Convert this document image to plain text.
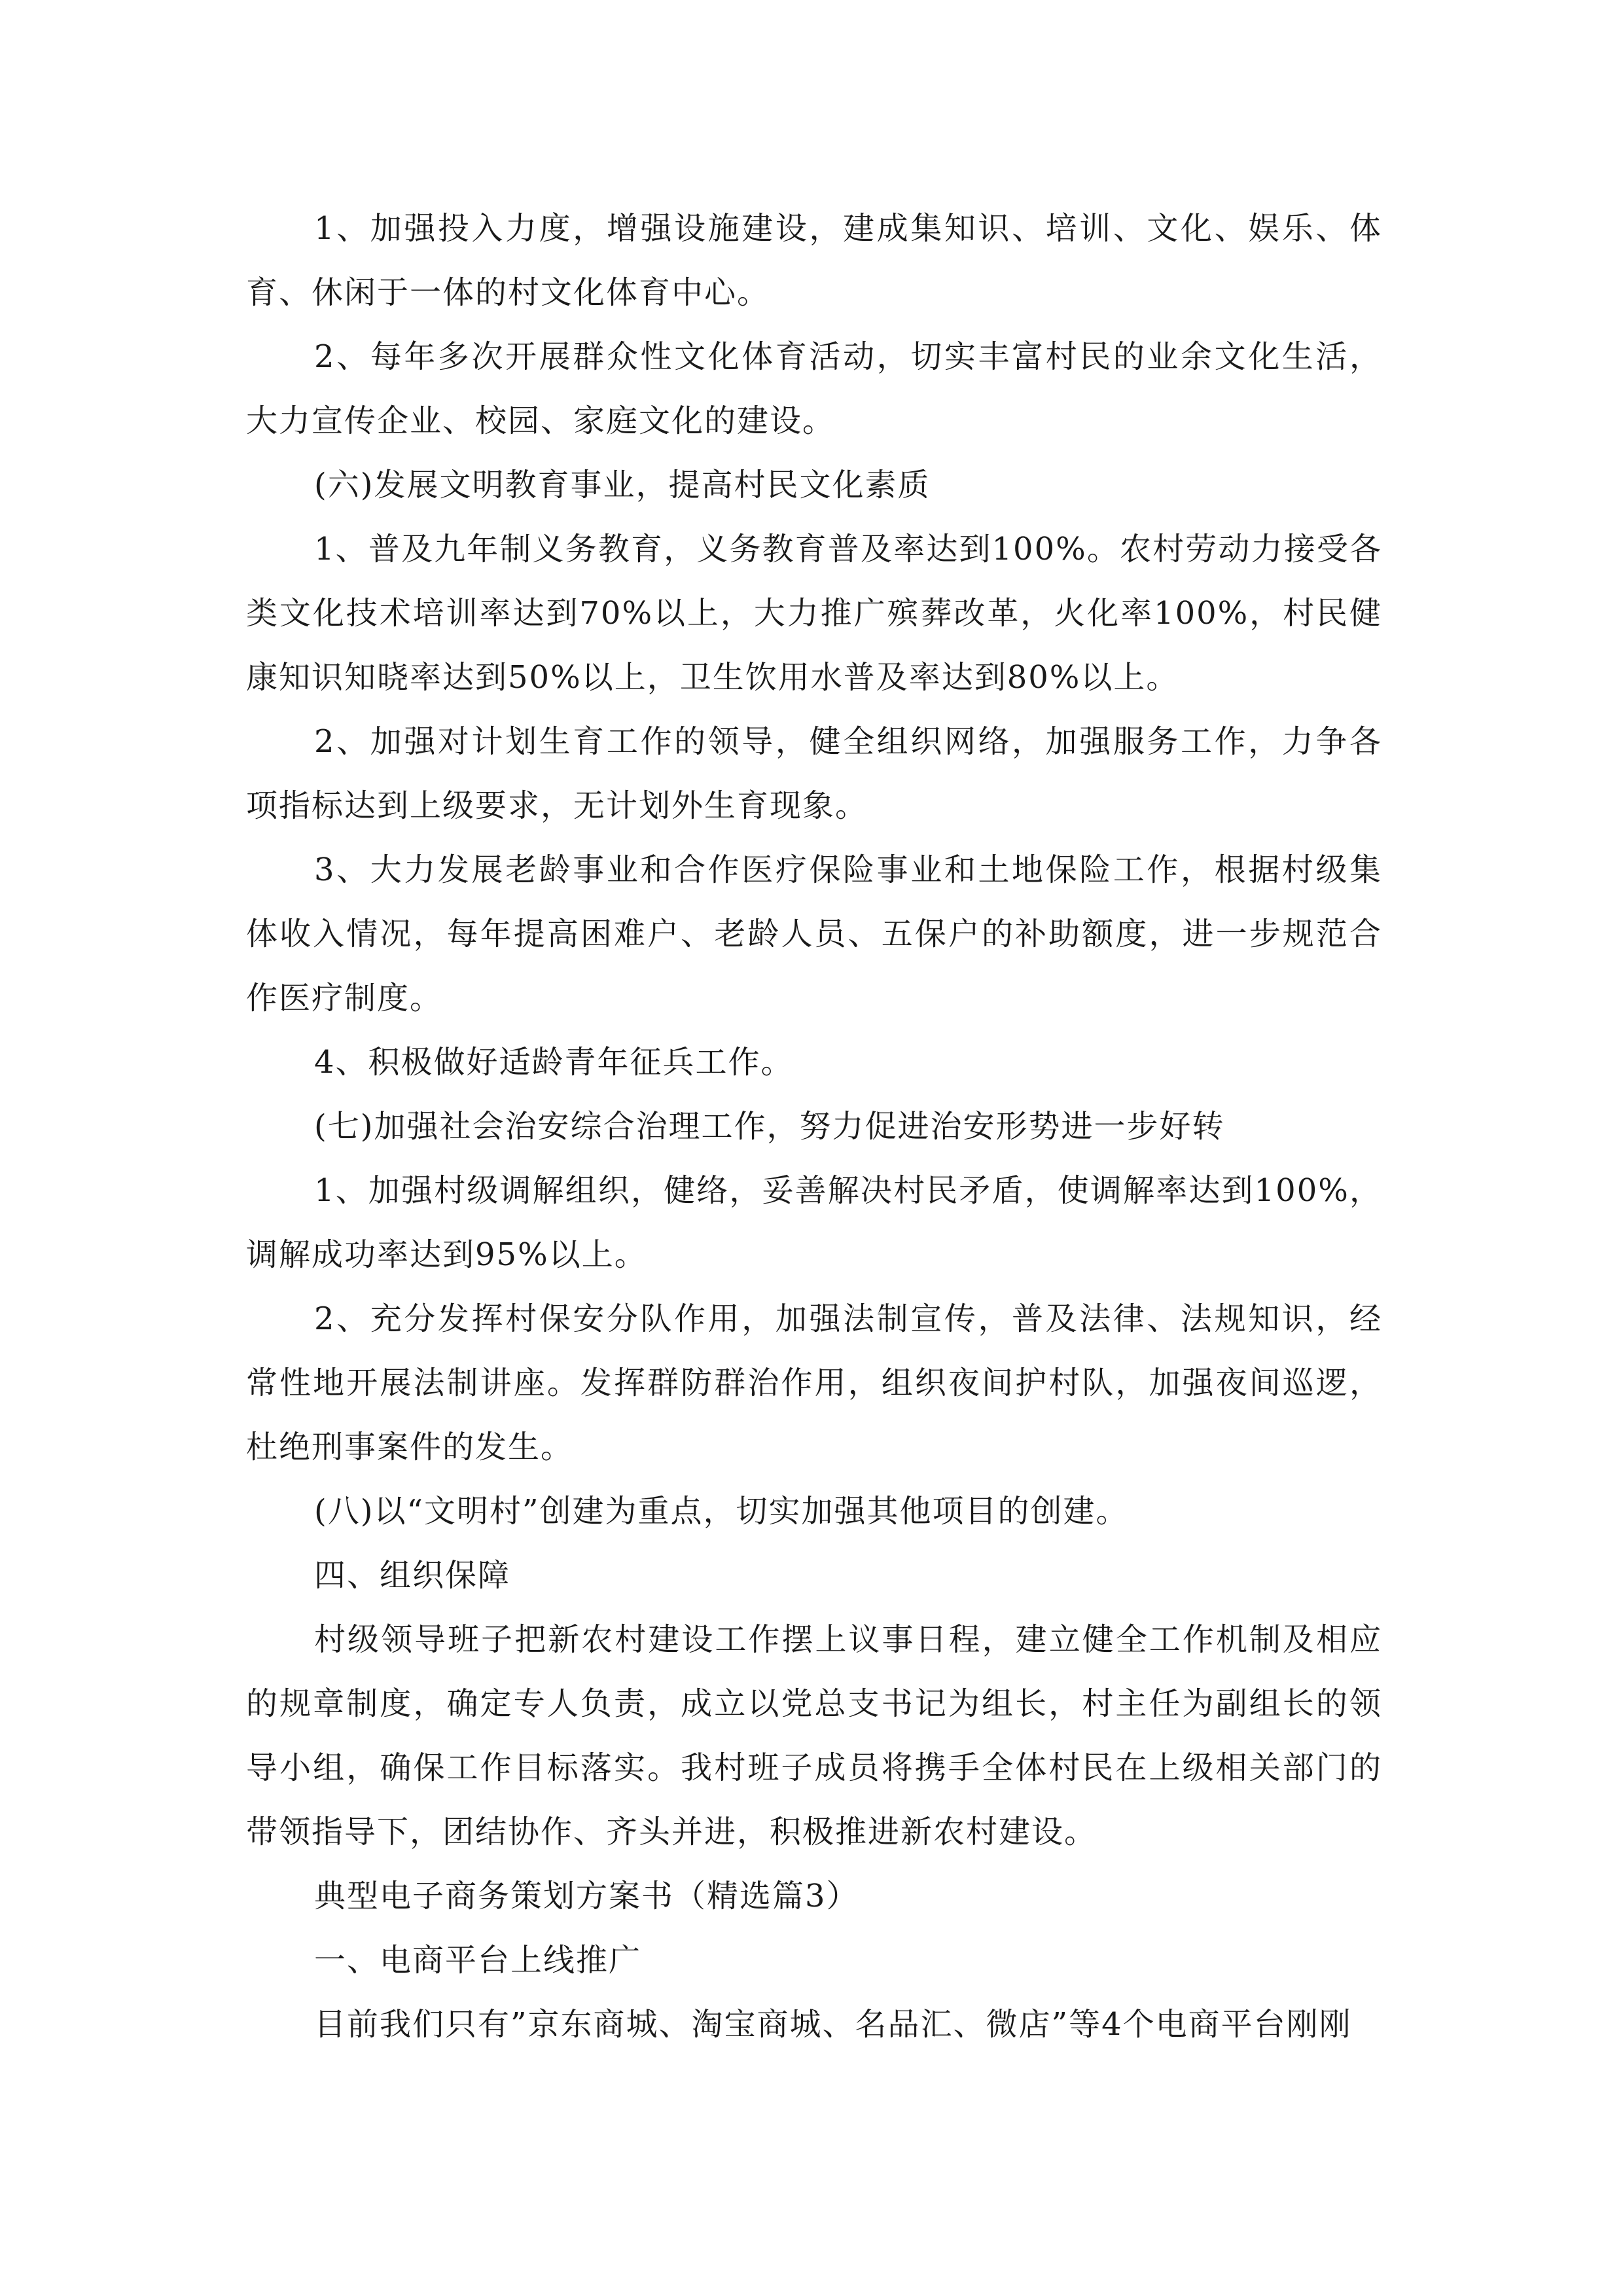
1、加强投入力度，增强设施建设，建成集知识、培训、文化、娱乐、体育、休闲于一体的村文化体育中心。

2、每年多次开展群众性文化体育活动，切实丰富村民的业余文化生活，大力宣传企业、校园、家庭文化的建设。

(六)发展文明教育事业，提高村民文化素质

1、普及九年制义务教育，义务教育普及率达到100%。农村劳动力接受各类文化技术培训率达到70%以上，大力推广殡葬改革，火化率100%，村民健康知识知晓率达到50%以上，卫生饮用水普及率达到80%以上。

2、加强对计划生育工作的领导，健全组织网络，加强服务工作，力争各项指标达到上级要求，无计划外生育现象。

3、大力发展老龄事业和合作医疗保险事业和土地保险工作，根据村级集体收入情况，每年提高困难户、老龄人员、五保户的补助额度，进一步规范合作医疗制度。

4、积极做好适龄青年征兵工作。

(七)加强社会治安综合治理工作，努力促进治安形势进一步好转

1、加强村级调解组织，健络，妥善解决村民矛盾，使调解率达到100%，调解成功率达到95%以上。

2、充分发挥村保安分队作用，加强法制宣传，普及法律、法规知识，经常性地开展法制讲座。发挥群防群治作用，组织夜间护村队，加强夜间巡逻，杜绝刑事案件的发生。

(八)以“文明村”创建为重点，切实加强其他项目的创建。

四、组织保障

村级领导班子把新农村建设工作摆上议事日程，建立健全工作机制及相应的规章制度，确定专人负责，成立以党总支书记为组长，村主任为副组长的领导小组，确保工作目标落实。我村班子成员将携手全体村民在上级相关部门的带领指导下，团结协作、齐头并进，积极推进新农村建设。

典型电子商务策划方案书（精选篇3）

一、电商平台上线推广

目前我们只有”京东商城、淘宝商城、名品汇、微店”等4个电商平台刚刚
